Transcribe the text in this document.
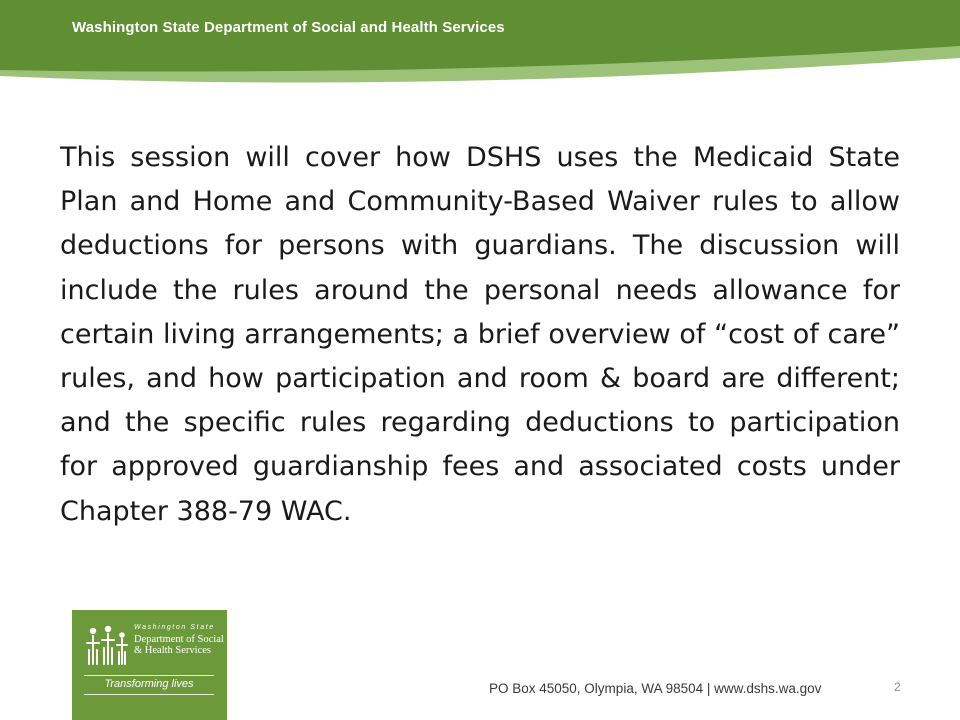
Washington State Department of Social and Health Services

This session will cover how DSHS uses the Medicaid State Plan and Home and Community-Based Waiver rules to allow deductions for persons with guardians. The discussion will include the rules around the personal needs allowance for certain living arrangements; a brief overview of “cost of care” rules, and how participation and room & board are different; and the specific rules regarding deductions to participation for approved guardianship fees and associated costs under Chapter 388-79 WAC.

Washington State
Department of Social & Health Services
Transforming lives	PO Box 45050, Olympia, WA 98504 | www.dshs.wa.gov	2
